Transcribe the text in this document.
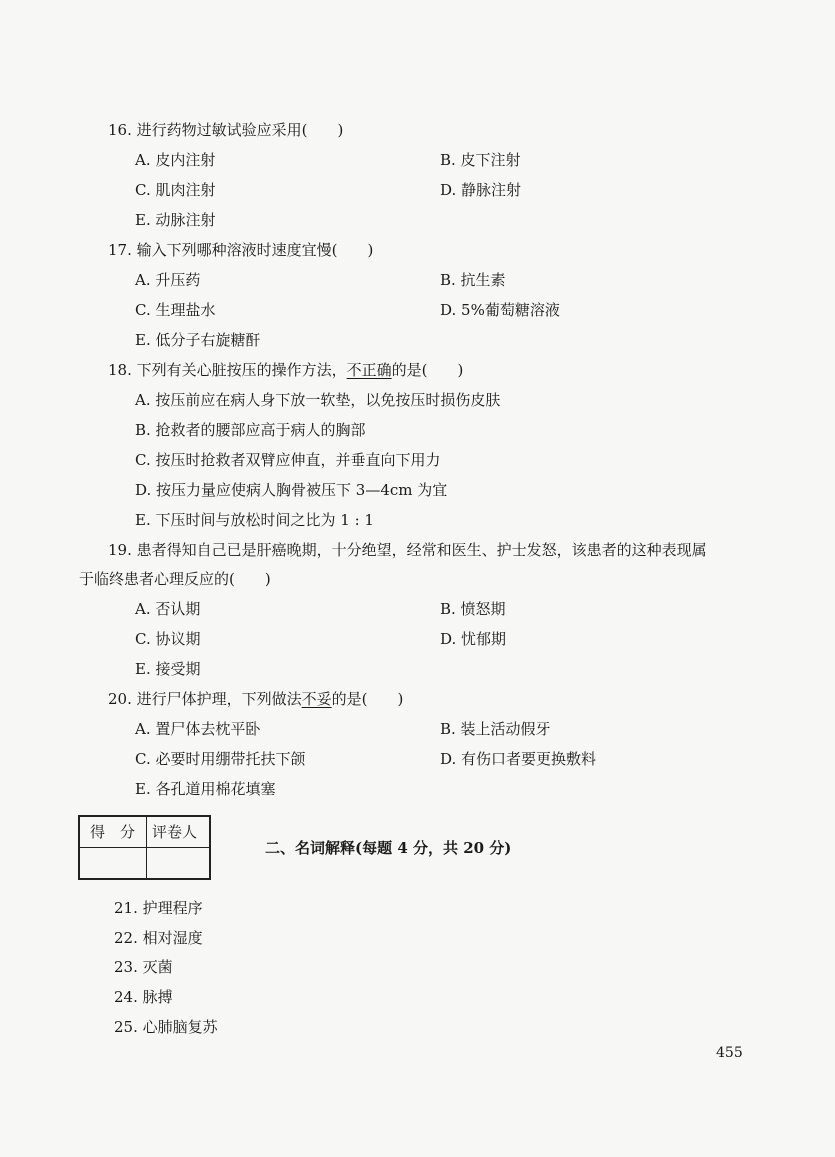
16. 进行药物过敏试验应采用(　　)
A. 皮内注射	B. 皮下注射
C. 肌肉注射	D. 静脉注射
E. 动脉注射
17. 输入下列哪种溶液时速度宜慢(　　)
A. 升压药	B. 抗生素
C. 生理盐水	D. 5%葡萄糖溶液
E. 低分子右旋糖酐
18. 下列有关心脏按压的操作方法，不正确的是(　　)
A. 按压前应在病人身下放一软垫，以免按压时损伤皮肤
B. 抢救者的腰部应高于病人的胸部
C. 按压时抢救者双臂应伸直，并垂直向下用力
D. 按压力量应使病人胸骨被压下 3—4cm 为宜
E. 下压时间与放松时间之比为 1 : 1
19. 患者得知自己已是肝癌晚期，十分绝望，经常和医生、护士发怒，该患者的这种表现属
于临终患者心理反应的(　　)
A. 否认期	B. 愤怒期
C. 协议期	D. 忧郁期
E. 接受期
20. 进行尸体护理，下列做法不妥的是(　　)
A. 置尸体去枕平卧	B. 装上活动假牙
C. 必要时用绷带托扶下颌	D. 有伤口者要更换敷料
E. 各孔道用棉花填塞
得　分 评卷人
二、名词解释(每题 4 分，共 20 分)
21. 护理程序
22. 相对湿度
23. 灭菌
24. 脉搏
25. 心肺脑复苏
455
